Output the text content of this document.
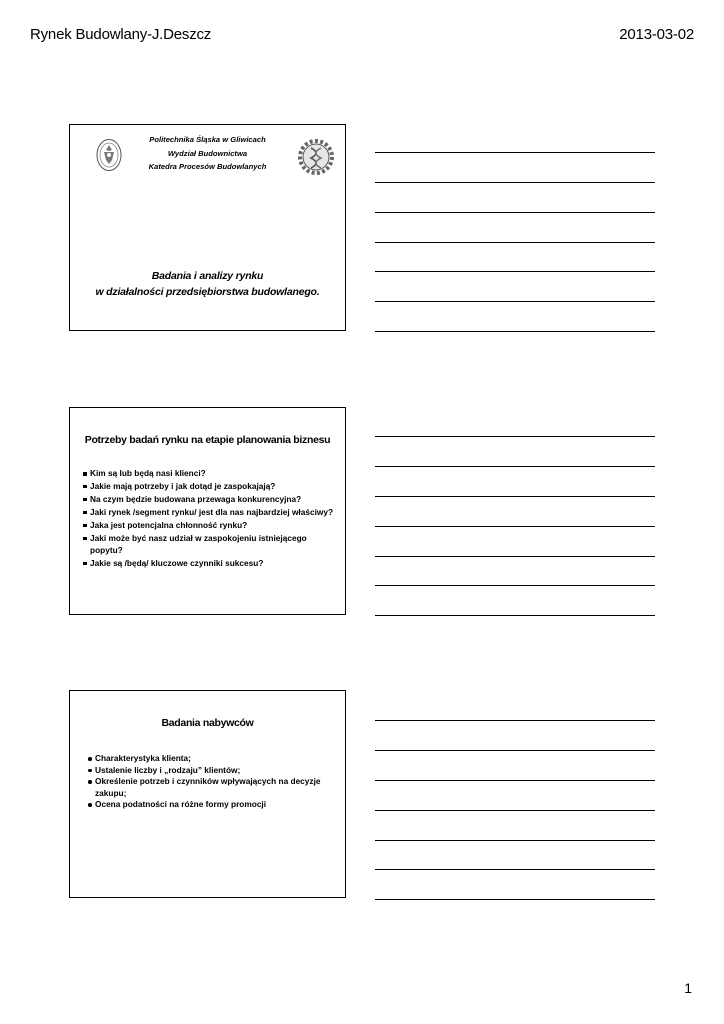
Rynek Budowlany-J.Deszcz	2013-03-02
Politechnika Śląska w Gliwicach
Wydział Budownictwa
Katedra Procesów Budowlanych
Badania i analizy rynku
w działalności przedsiębiorstwa budowlanego.
Potrzeby badań rynku na etapie planowania biznesu
Kim są lub będą nasi klienci?
Jakie mają potrzeby i jak dotąd je zaspokajają?
Na czym będzie budowana przewaga konkurencyjna?
Jaki rynek /segment rynku/ jest dla nas najbardziej właściwy?
Jaka jest potencjalna chłonność rynku?
Jaki może być nasz udział w zaspokojeniu istniejącego popytu?
Jakie są /będą/ kluczowe czynniki sukcesu?
Badania nabywców
Charakterystyka klienta;
Ustalenie liczby i „rodzaju” klientów;
Określenie potrzeb i czynników wpływających na decyzje zakupu;
Ocena podatności na różne formy promocji
1
